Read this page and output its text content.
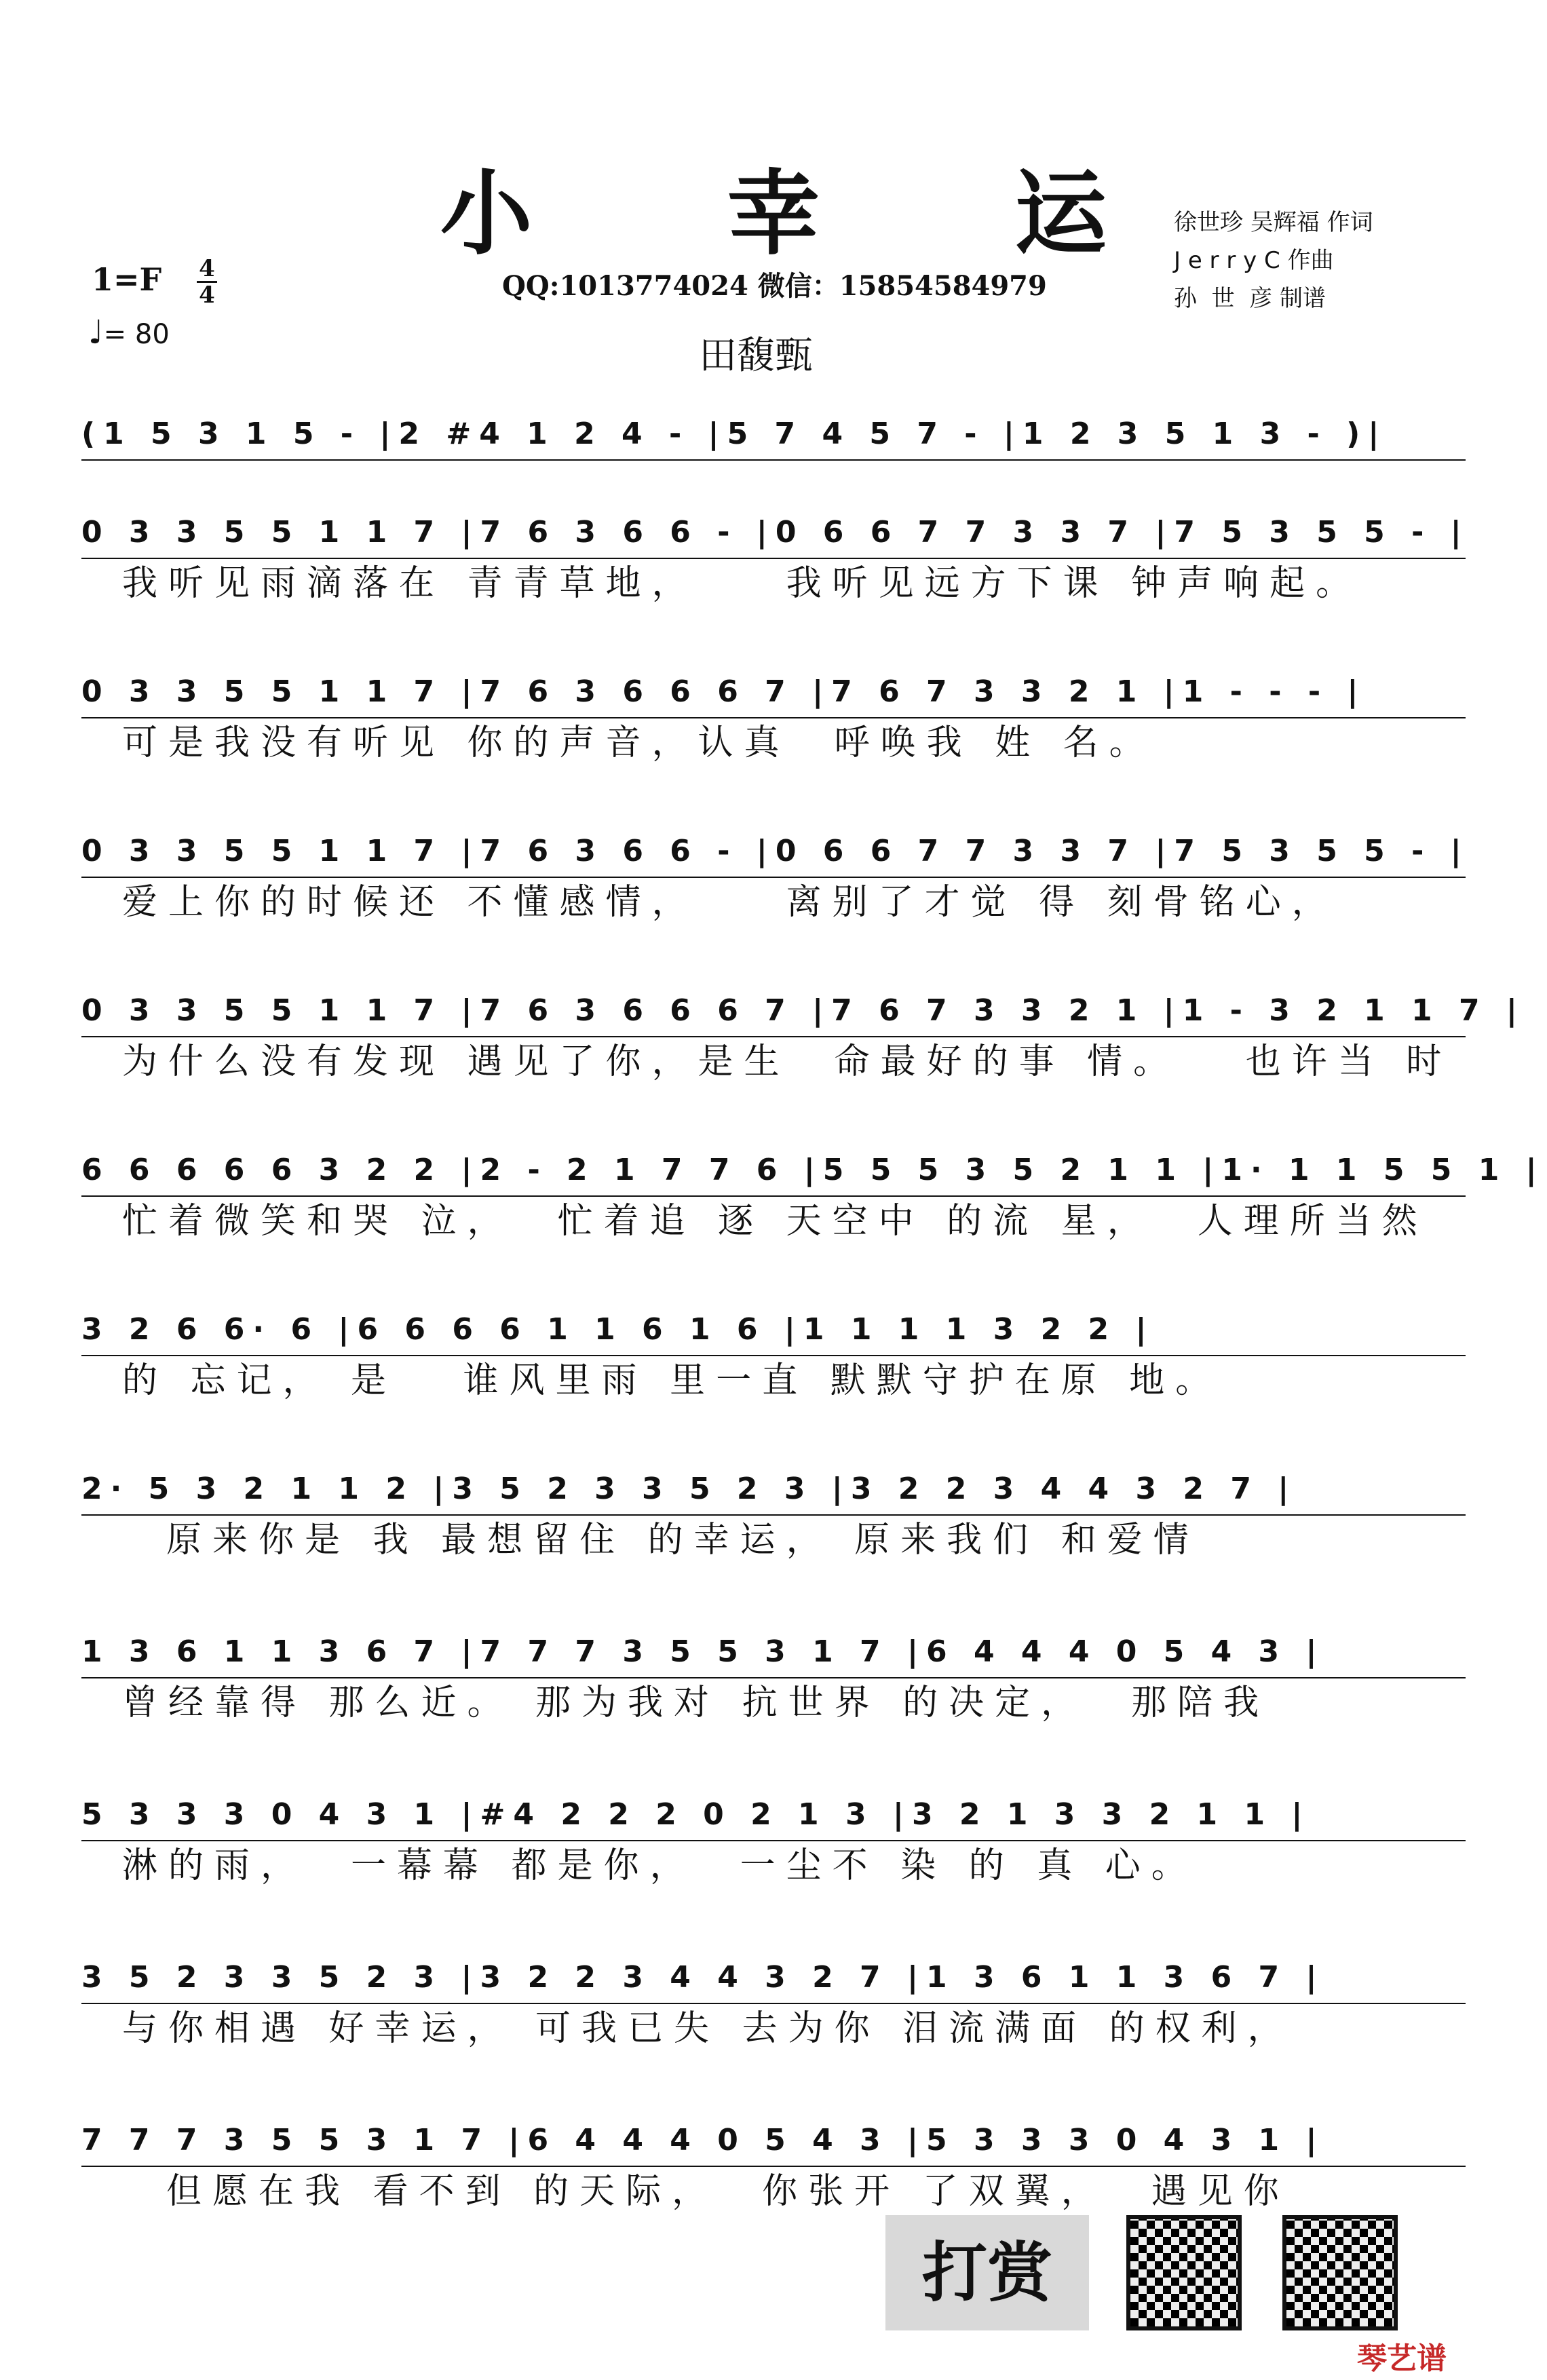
小 幸 运
QQ:1013774024 微信：15854584979
田馥甄
徐世珍 吴辉福 作词
J e r r y C 作曲
孙  世  彦 制谱
1=F 4
4
♩= 80
(1 5 3 1 5 - |2 #4 1 2 4 - |5 7 4 5 7 - |1 2 3 5 1 3 - )|
0 3 3 5 5 1 1 7 |7 6 3 6 6 - |0 6 6 7 7 3 3 7 |7 5 3 5 5 - |
我听见雨滴落在 青青草地，    我听见远方下课 钟声响起。
0 3 3 5 5 1 1 7 |7 6 3 6 6 6 7 |7 6 7 3 3 2 1 |1 - - - |
可是我没有听见 你的声音，认真  呼唤我 姓 名。
0 3 3 5 5 1 1 7 |7 6 3 6 6 - |0 6 6 7 7 3 3 7 |7 5 3 5 5 - |
爱上你的时候还 不懂感情，    离别了才觉 得 刻骨铭心，
0 3 3 5 5 1 1 7 |7 6 3 6 6 6 7 |7 6 7 3 3 2 1 |1 - 3 2 1 1 7 |
为什么没有发现 遇见了你，是生  命最好的事 情。   也许当 时
6 6 6 6 6 3 2 2 |2 - 2 1 7 7 6 |5 5 5 3 5 2 1 1 |1· 1 1 5 5 1 |
忙着微笑和哭 泣，  忙着追 逐 天空中 的流 星，  人理所当然
3 2 6 6· 6 |6 6 6 6 1 1 6 1 6 |1 1 1 1 3 2 2 |
的 忘记， 是   谁风里雨 里一直 默默守护在原 地。
2· 5 3 2 1 1 2 |3 5 2 3 3 5 2 3 |3 2 2 3 4 4 3 2 7 |
原来你是 我 最想留住 的幸运， 原来我们 和爱情
1 3 6 1 1 3 6 7 |7 7 7 3 5 5 3 1 7 |6 4 4 4 0 5 4 3 |
曾经靠得 那么近。 那为我对 抗世界 的决定，  那陪我
5 3 3 3 0 4 3 1 |#4 2 2 2 0 2 1 3 |3 2 1 3 3 2 1 1 |
淋的雨，  一幕幕 都是你，  一尘不 染 的 真 心。
3 5 2 3 3 5 2 3 |3 2 2 3 4 4 3 2 7 |1 3 6 1 1 3 6 7 |
与你相遇 好幸运， 可我已失 去为你 泪流满面 的权利，
7 7 7 3 5 5 3 1 7 |6 4 4 4 0 5 4 3 |5 3 3 3 0 4 3 1 |
但愿在我 看不到 的天际，  你张开 了双翼，  遇见你
打赏
琴艺谱
